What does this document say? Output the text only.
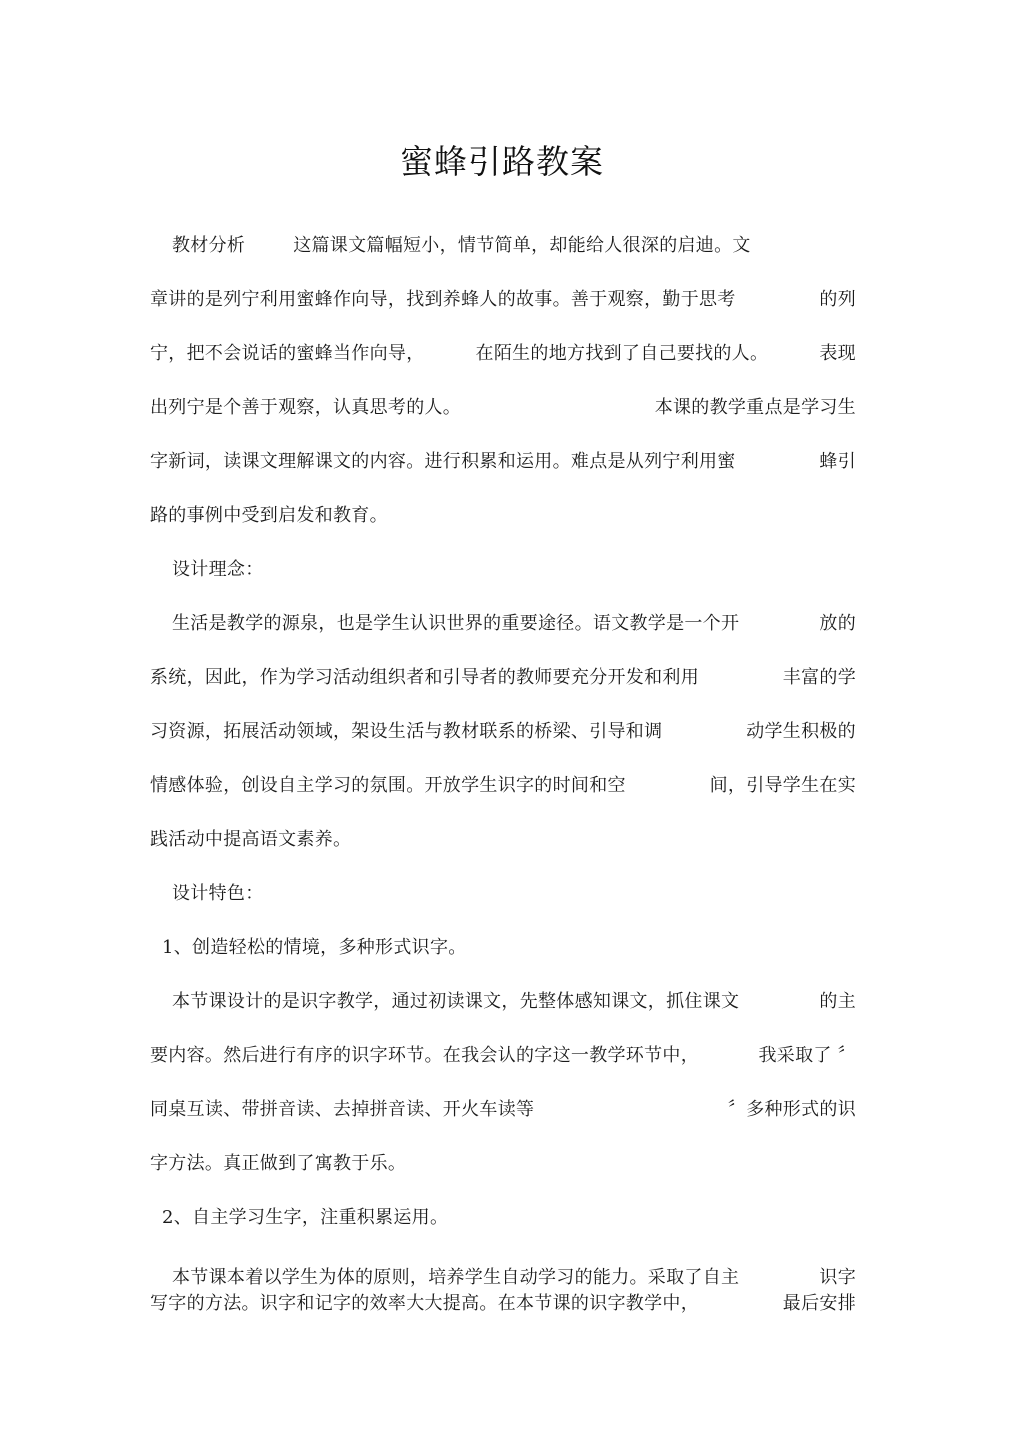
蜜蜂引路教案
教材分析	这篇课文篇幅短小，情节简单，却能给人很深的启迪。文
章讲的是列宁利用蜜蜂作向导，找到养蜂人的故事。善于观察，勤于思考	的列
宁，把不会说话的蜜蜂当作向导，	在陌生的地方找到了自己要找的人。	表现
出列宁是个善于观察，认真思考的人。	本课的教学重点是学习生
字新词，读课文理解课文的内容。进行积累和运用。难点是从列宁利用蜜	蜂引
路的事例中受到启发和教育。
设计理念：
生活是教学的源泉，也是学生认识世界的重要途径。语文教学是一个开	放的
系统，因此，作为学习活动组织者和引导者的教师要充分开发和利用	丰富的学
习资源，拓展活动领域，架设生活与教材联系的桥梁、引导和调	动学生积极的
情感体验，创设自主学习的氛围。开放学生识字的时间和空	间，引导学生在实
践活动中提高语文素养。
设计特色：
1、创造轻松的情境，多种形式识字。
本节课设计的是识字教学，通过初读课文，先整体感知课文，抓住课文	的主
要内容。然后进行有序的识字环节。在我会认的字这一教学环节中，	我采取了 〞
同桌互读、带拼音读、去掉拼音读、开火车读等	〞多种形式的识
字方法。真正做到了寓教于乐。
2、自主学习生字，注重积累运用。
本节课本着以学生为体的原则，培养学生自动学习的能力。采取了自主	识字
写字的方法。识字和记字的效率大大提高。在本节课的识字教学中，	最后安排
